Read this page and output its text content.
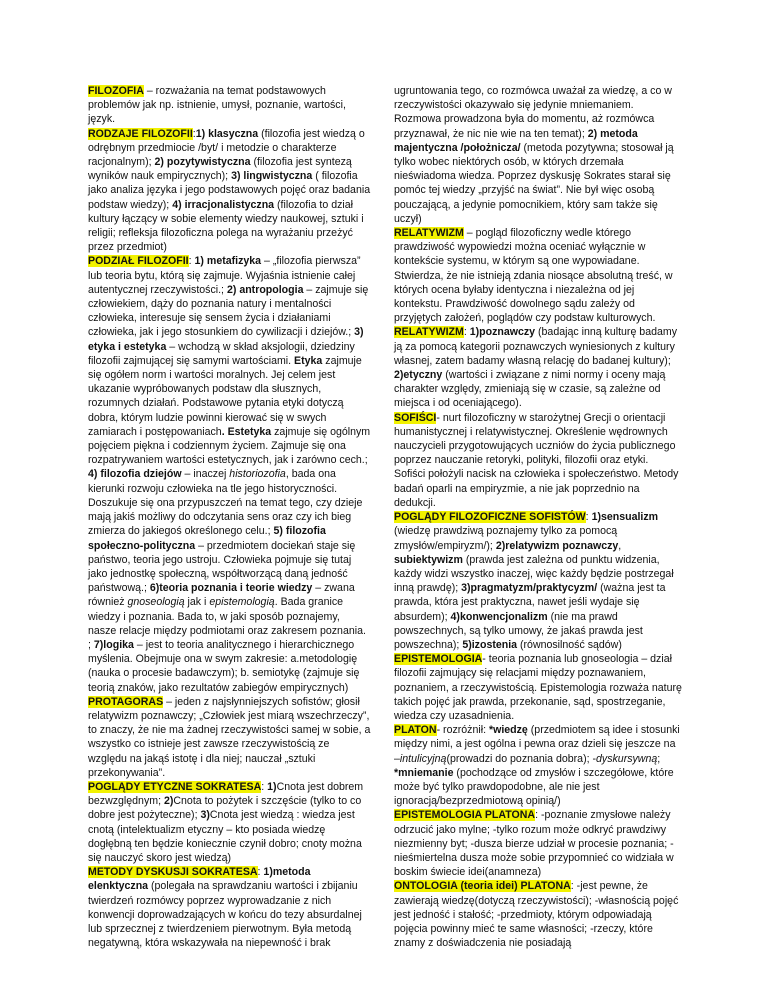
FILOZOFIA – rozważania na temat podstawowych problemów jak np. istnienie, umysł, poznanie, wartości, język.

RODZAJE FILOZOFII:1) klasyczna (filozofia jest wiedzą o odrębnym przedmiocie /byt/ i metodzie o charakterze racjonalnym); 2) pozytywistyczna (filozofia jest syntezą wyników nauk empirycznych); 3) lingwistyczna ( filozofia jako analiza języka i jego podstawowych pojęć oraz badania podstaw wiedzy); 4) irracjonalistyczna (filozofia to dział kultury łączący w sobie elementy wiedzy naukowej, sztuki i religii; refleksja filozoficzna polega na wyrażaniu przeżyć przez przedmiot)

PODZIAŁ FILOZOFII: 1) metafizyka – „filozofia pierwsza” lub teoria bytu, którą się zajmuje. Wyjaśnia istnienie całej autentycznej rzeczywistości.; 2) antropologia – zajmuje się człowiekiem, dąży do poznania natury i mentalności człowieka, interesuje się sensem życia i działaniami człowieka, jak i jego stosunkiem do cywilizacji i dziejów.; 3) etyka i estetyka – wchodzą w skład aksjologii, dziedziny filozofii zajmującej się samymi wartościami. Etyka zajmuje się ogółem norm i wartości moralnych. Jej celem jest ukazanie wypróbowanych podstaw dla słusznych, rozumnych działań. Podstawowe pytania etyki dotyczą dobra, którym ludzie powinni kierować się w swych zamiarach i postępowaniach. Estetyka zajmuje się ogólnym pojęciem piękna i codziennym życiem. Zajmuje się ona rozpatrywaniem wartości estetycznych, jak i zarówno cech.; 4) filozofia dziejów – inaczej historiozofia, bada ona kierunki rozwoju człowieka na tle jego historyczności. Doszukuje się ona przypuszczeń na temat tego, czy dzieje mają jakiś możliwy do odczytania sens oraz czy ich bieg zmierza do jakiegoś określonego celu.; 5) filozofia społeczno-polityczna – przedmiotem dociekań staje się państwo, teoria jego ustroju. Człowieka pojmuje się tutaj jako jednostkę społeczną, współtworzącą daną jedność państwową.; 6)teoria poznania i teorie wiedzy – zwana również gnoseologią jak i epistemologią. Bada granice wiedzy i poznania. Bada to, w jaki sposób poznajemy, nasze relacje między podmiotami oraz zakresem poznania. ; 7)logika – jest to teoria analitycznego i hierarchicznego myślenia. Obejmuje ona w swym zakresie: a.metodologię (nauka o procesie badawczym); b. semiotykę (zajmuje się teorią znaków, jako rezultatów zabiegów empirycznych)

PROTAGORAS – jeden z najsłynniejszych sofistów; głosił relatywizm poznawczy; „Człowiek jest miarą wszechrzeczy”, to znaczy, że nie ma żadnej rzeczywistości samej w sobie, a wszystko co istnieje jest zawsze rzeczywistością ze względu na jakąś istotę i dla niej; nauczał „sztuki przekonywania”.

POGLĄDY ETYCZNE SOKRATESA: 1)Cnota jest dobrem bezwzględnym; 2)Cnota to pożytek i szczęście (tylko to co dobre jest pożyteczne); 3)Cnota jest wiedzą : wiedza jest cnotą (intelektualizm etyczny – kto posiada wiedzę dogłębną ten będzie koniecznie czynił dobro; cnoty można się nauczyć skoro jest wiedzą)

METODY DYSKUSJI SOKRATESA: 1)metoda elenktyczna (polegała na sprawdzaniu wartości i zbijaniu twierdzeń rozmówcy poprzez wyprowadzanie z nich konwencji doprowadzających w końcu do tezy absurdalnej lub sprzecznej z twierdzeniem pierwotnym. Była metodą negatywną, która wskazywała na niepewność i brak

ugruntowania tego, co rozmówca uważał za wiedzę, a co w rzeczywistości okazywało się jedynie mniemaniem. Rozmowa prowadzona była do momentu, aż rozmówca przyznawał, że nic nie wie na ten temat); 2) metoda majentyczna /położnicza/ (metoda pozytywna; stosował ją tylko wobec niektórych osób, w których drzemała nieświadoma wiedza. Poprzez dyskusję Sokrates starał się pomóc tej wiedzy „przyjść na świat”. Nie był więc osobą pouczającą, a jedynie pomocnikiem, który sam także się uczył)

RELATYWIZM – pogląd filozoficzny wedle którego prawdziwość wypowiedzi można oceniać wyłącznie w kontekście systemu, w którym są one wypowiadane. Stwierdza, że nie istnieją zdania niosące absolutną treść, w których ocena byłaby identyczna i niezależna od jej kontekstu. Prawdziwość dowolnego sądu zależy od przyjętych założeń, poglądów czy podstaw kulturowych.

RELATYWIZM: 1)poznawczy (badając inną kulturę badamy ją za pomocą kategorii poznawczych wyniesionych z kultury własnej, zatem badamy własną relację do badanej kultury); 2)etyczny (wartości i związane z nimi normy i oceny mają charakter względy, zmieniają się w czasie, są zależne od miejsca i od oceniającego).

SOFIŚCI- nurt filozoficzny w starożytnej Grecji o orientacji humanistycznej i relatywistycznej. Określenie wędrownych nauczycieli przygotowujących uczniów do życia publicznego poprzez nauczanie retoryki, polityki, filozofii oraz etyki. Sofiści położyli nacisk na człowieka i społeczeństwo. Metody badań oparli na empiryzmie, a nie jak poprzednio na dedukcji.

POGLĄDY FILOZOFICZNE SOFISTÓW: 1)sensualizm (wiedzę prawdziwą poznajemy tylko za pomocą zmysłów/empiryzm/); 2)relatywizm poznawczy, subiektywizm (prawda jest zależna od punktu widzenia, każdy widzi wszystko inaczej, więc każdy będzie postrzegał inną prawdę); 3)pragmatyzm/praktycyzm/ (ważna jest ta prawda, która jest praktyczna, nawet jeśli wydaje się absurdem); 4)konwencjonalizm (nie ma prawd powszechnych, są tylko umowy, że jakaś prawda jest powszechna); 5)izostenia (równosilność sądów)

EPISTEMOLOGIA- teoria poznania lub gnoseologia – dział filozofii zajmujący się relacjami między poznawaniem, poznaniem, a rzeczywistością. Epistemologia rozważa naturę takich pojęć jak prawda, przekonanie, sąd, spostrzeganie, wiedza czy uzasadnienia.

PLATON- rozróżnił: *wiedzę (przedmiotem są idee i stosunki między nimi, a jest ogólna i pewna oraz dzieli się jeszcze na –intulicyjną(prowadzi do poznania dobra); -dyskursywną; *mniemanie (pochodzące od zmysłów i szczegółowe, które może być tylko prawdopodobne, ale nie jest ignoracją/bezprzedmiotową opinią/)

EPISTEMOLOGIA PLATONA: -poznanie zmysłowe należy odrzucić jako mylne; -tylko rozum może odkryć prawdziwy niezmienny byt; -dusza bierze udział w procesie poznania; -nieśmiertelna dusza może sobie przypomnieć co widziała w boskim świecie idei(anamneza)

ONTOLOGIA (teoria idei) PLATONA: -jest pewne, że zawierają wiedzę(dotyczą rzeczywistości); -własnością pojęć jest jedność i stałość; -przedmioty, którym odpowiadają pojęcia powinny mieć te same własności; -rzeczy, które znamy z doświadczenia nie posiadają
